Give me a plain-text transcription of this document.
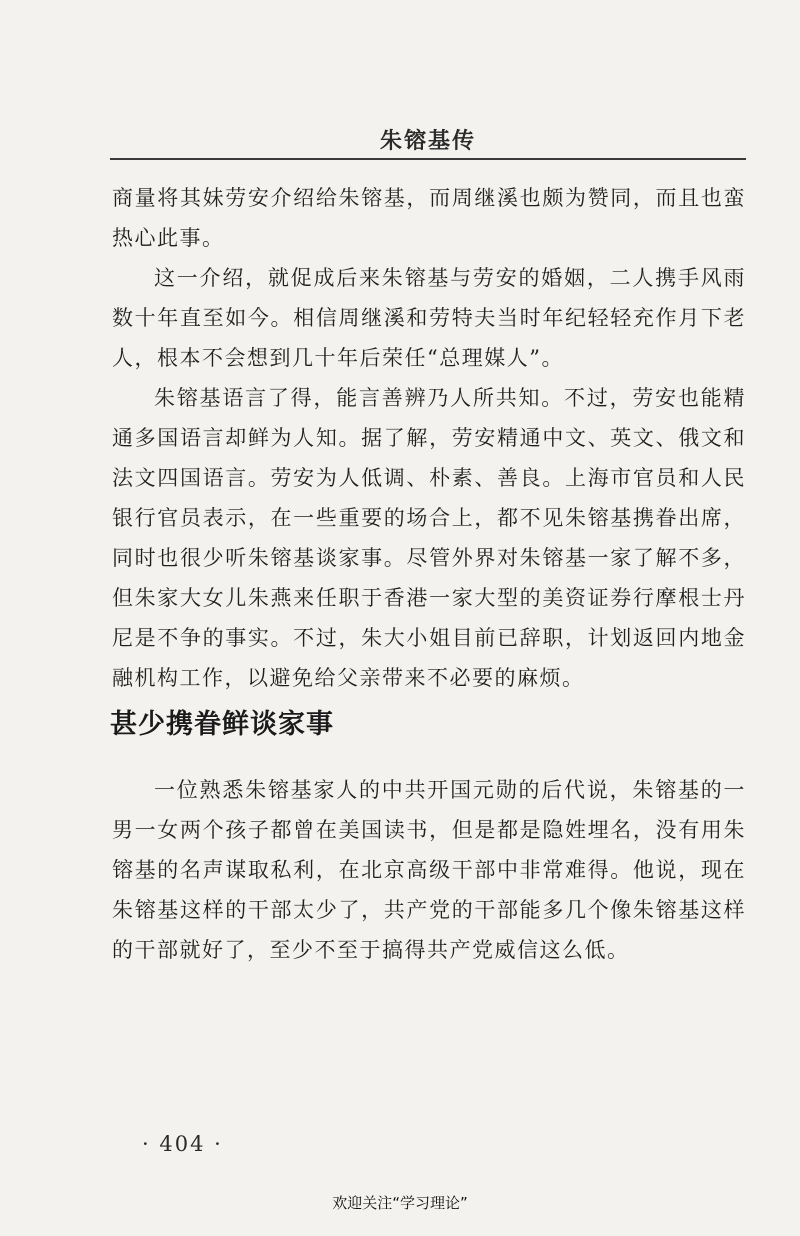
朱镕基传

商量将其妹劳安介绍给朱镕基，而周继溪也颇为赞同，而且也蛮热心此事。

这一介绍，就促成后来朱镕基与劳安的婚姻，二人携手风雨数十年直至如今。相信周继溪和劳特夫当时年纪轻轻充作月下老人，根本不会想到几十年后荣任“总理媒人”。

朱镕基语言了得，能言善辨乃人所共知。不过，劳安也能精通多国语言却鲜为人知。据了解，劳安精通中文、英文、俄文和法文四国语言。劳安为人低调、朴素、善良。上海市官员和人民银行官员表示，在一些重要的场合上，都不见朱镕基携眷出席，同时也很少听朱镕基谈家事。尽管外界对朱镕基一家了解不多，但朱家大女儿朱燕来任职于香港一家大型的美资证券行摩根士丹尼是不争的事实。不过，朱大小姐目前已辞职，计划返回内地金融机构工作，以避免给父亲带来不必要的麻烦。

甚少携眷鲜谈家事

一位熟悉朱镕基家人的中共开国元勋的后代说，朱镕基的一男一女两个孩子都曾在美国读书，但是都是隐姓埋名，没有用朱镕基的名声谋取私利，在北京高级干部中非常难得。他说，现在朱镕基这样的干部太少了，共产党的干部能多几个像朱镕基这样的干部就好了，至少不至于搞得共产党威信这么低。

· 404 ·
欢迎关注“学习理论”
